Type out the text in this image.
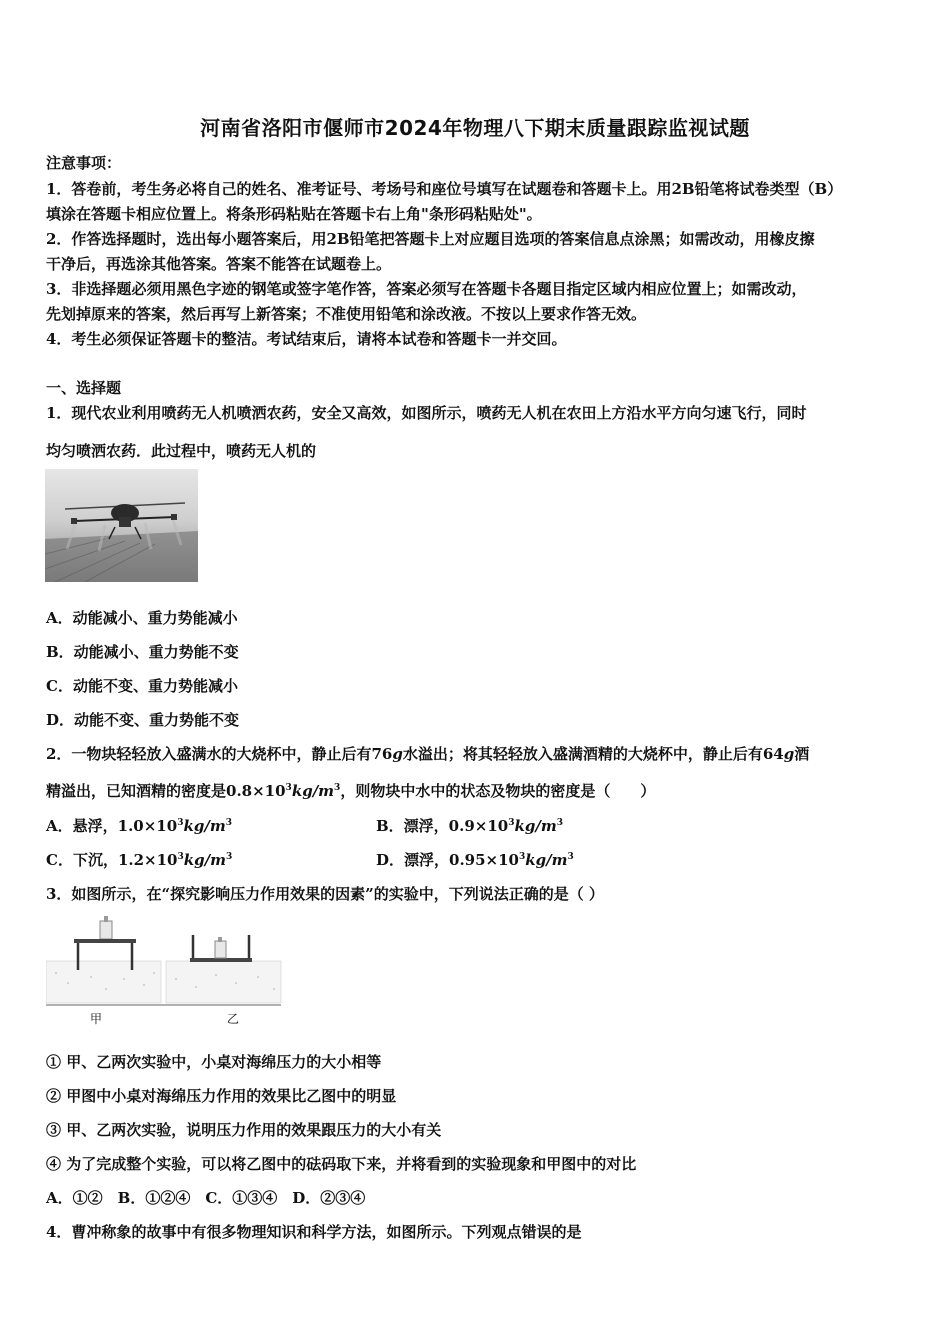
河南省洛阳市偃师市2024年物理八下期末质量跟踪监视试题
注意事项：
1．答卷前，考生务必将自己的姓名、准考证号、考场号和座位号填写在试题卷和答题卡上。用2B铅笔将试卷类型（B）
填涂在答题卡相应位置上。将条形码粘贴在答题卡右上角"条形码粘贴处"。
2．作答选择题时，选出每小题答案后，用2B铅笔把答题卡上对应题目选项的答案信息点涂黑；如需改动，用橡皮擦
干净后，再选涂其他答案。答案不能答在试题卷上。
3．非选择题必须用黑色字迹的钢笔或签字笔作答，答案必须写在答题卡各题目指定区域内相应位置上；如需改动，
先划掉原来的答案，然后再写上新答案；不准使用铅笔和涂改液。不按以上要求作答无效。
4．考生必须保证答题卡的整洁。考试结束后，请将本试卷和答题卡一并交回。
一、选择题
1．现代农业利用喷药无人机喷洒农药，安全又高效，如图所示，喷药无人机在农田上方沿水平方向匀速飞行，同时
均匀喷洒农药．此过程中，喷药无人机的
A．动能减小、重力势能减小
B．动能减小、重力势能不变
C．动能不变、重力势能减小
D．动能不变、重力势能不变
2．一物块轻轻放入盛满水的大烧杯中，静止后有76g水溢出；将其轻轻放入盛满酒精的大烧杯中，静止后有64g酒
精溢出，已知酒精的密度是$0.8\times 10^3kg/m^3$，则物块中水中的状态及物块的密度是（　　）
A．悬浮，$1.0\times 10^3kg/m^3$	B．漂浮，$0.9\times 10^3kg/m^3$
C．下沉，$1.2\times 10^3kg/m^3$	D．漂浮，$0.95\times 10^3kg/m^3$
3．如图所示，在“探究影响压力作用效果的因素”的实验中，下列说法正确的是（ ）
甲	乙
① 甲、乙两次实验中，小桌对海绵压力的大小相等
② 甲图中小桌对海绵压力作用的效果比乙图中的明显
③ 甲、乙两次实验，说明压力作用的效果跟压力的大小有关
④ 为了完成整个实验，可以将乙图中的砝码取下来，并将看到的实验现象和甲图中的对比
A．①②　B．①②④　C．①③④　D．②③④
4．曹冲称象的故事中有很多物理知识和科学方法，如图所示。下列观点错误的是
